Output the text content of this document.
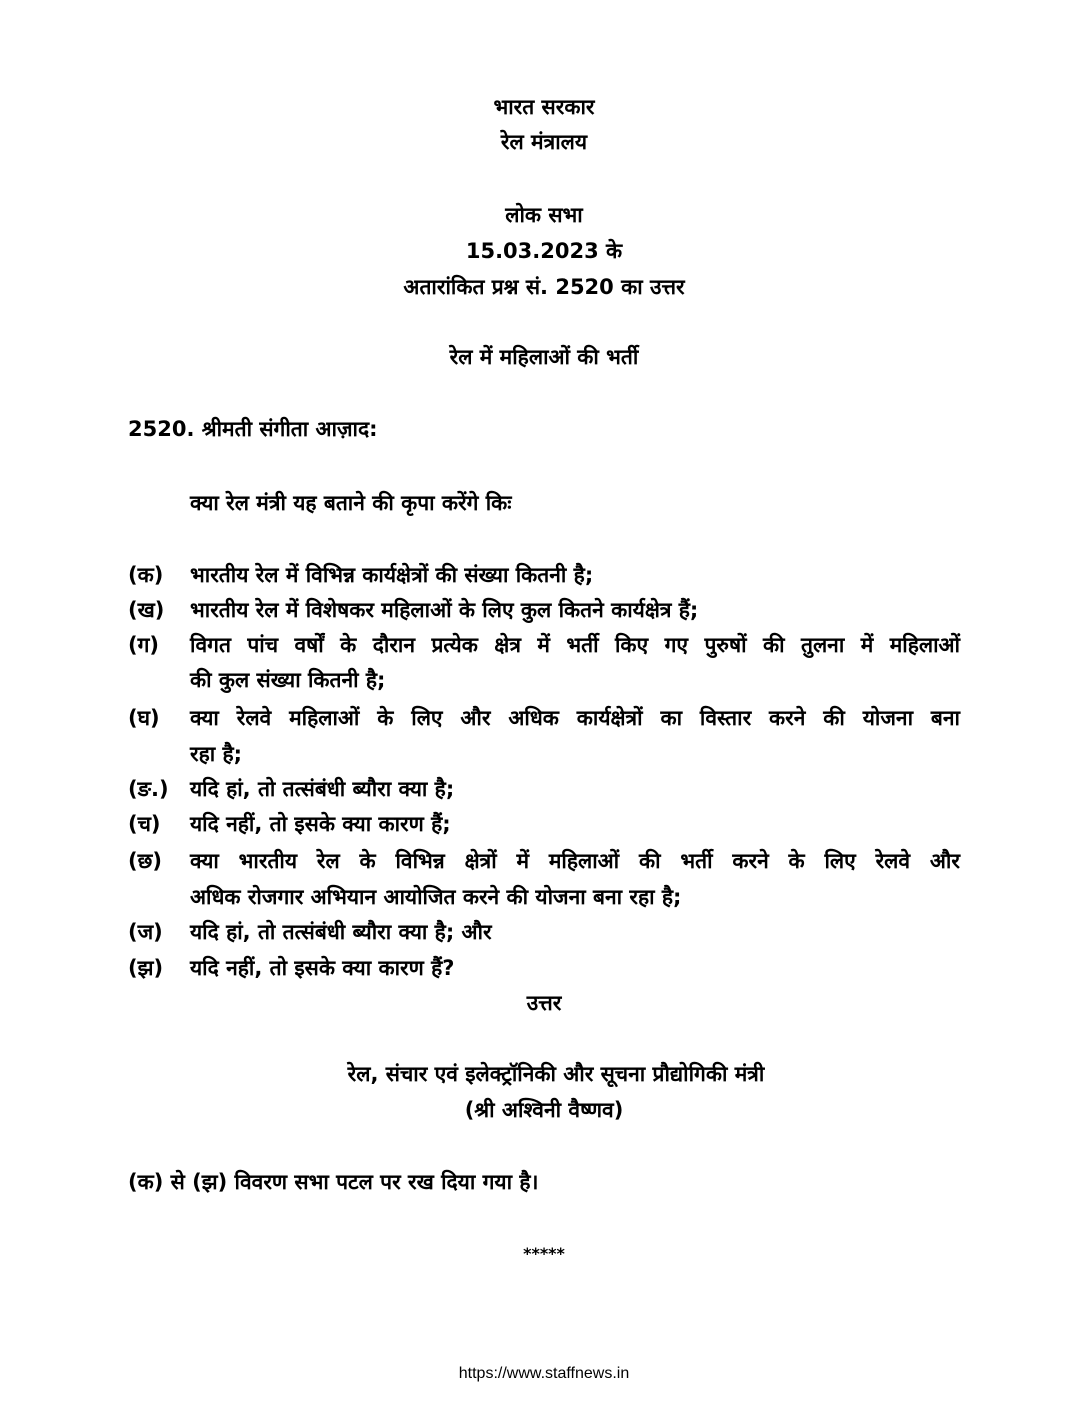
भारत सरकार
रेल मंत्रालय
लोक सभा
15.03.2023 के
अतारांकित प्रश्न सं. 2520 का उत्तर
रेल में महिलाओं की भर्ती
2520. श्रीमती संगीता आज़ाद:
क्या रेल मंत्री यह बताने की कृपा करेंगे किः
(क) भारतीय रेल में विभिन्न कार्यक्षेत्रों की संख्या कितनी है;
(ख) भारतीय रेल में विशेषकर महिलाओं के लिए कुल कितने कार्यक्षेत्र हैं;
(ग) विगत पांच वर्षों के दौरान प्रत्येक क्षेत्र में भर्ती किए गए पुरुषों की तुलना में महिलाओं
की कुल संख्या कितनी है;
(घ) क्या रेलवे महिलाओं के लिए और अधिक कार्यक्षेत्रों का विस्तार करने की योजना बना
रहा है;
(ङ.) यदि हां, तो तत्संबंधी ब्यौरा क्या है;
(च) यदि नहीं, तो इसके क्या कारण हैं;
(छ) क्या भारतीय रेल के विभिन्न क्षेत्रों में महिलाओं की भर्ती करने के लिए रेलवे और
अधिक रोजगार अभियान आयोजित करने की योजना बना रहा है;
(ज) यदि हां, तो तत्संबंधी ब्यौरा क्या है; और
(झ) यदि नहीं, तो इसके क्या कारण हैं?
उत्तर
रेल, संचार एवं इलेक्ट्रॉनिकी और सूचना प्रौद्योगिकी मंत्री
(श्री अश्विनी वैष्णव)
(क) से (झ) विवरण सभा पटल पर रख दिया गया है।
*****
https://www.staffnews.in
